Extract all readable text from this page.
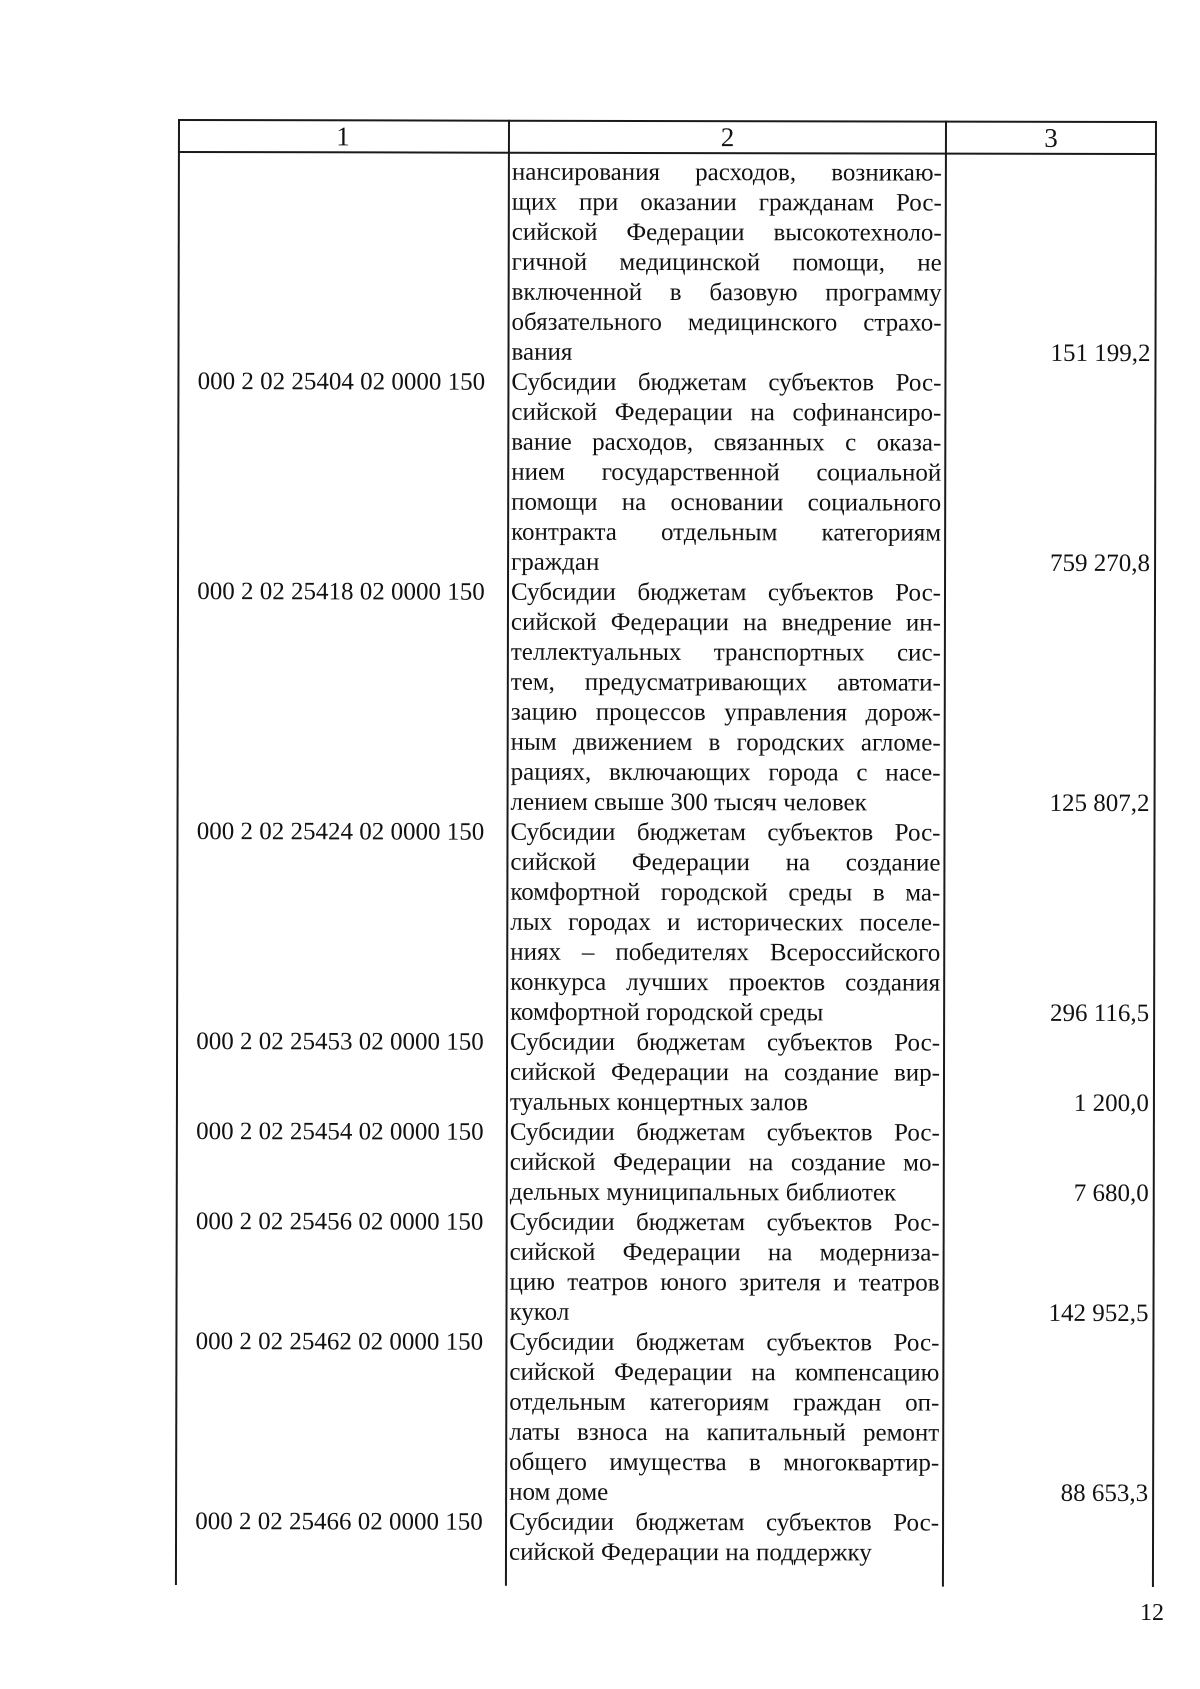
1	2	3
нансирования расходов, возникаю-
щих при оказании гражданам Рос-
сийской Федерации высокотехноло-
гичной медицинской помощи, не
включенной в базовую программу
обязательного медицинского страхо-
вания	151 199,2
000 2 02 25404 02 0000 150	Субсидии бюджетам субъектов Рос-
сийской Федерации на софинансиро-
вание расходов, связанных с оказа-
нием государственной социальной
помощи на основании социального
контракта отдельным категориям
граждан	759 270,8
000 2 02 25418 02 0000 150	Субсидии бюджетам субъектов Рос-
сийской Федерации на внедрение ин-
теллектуальных транспортных сис-
тем, предусматривающих автомати-
зацию процессов управления дорож-
ным движением в городских агломе-
рациях, включающих города с насе-
лением свыше 300 тысяч человек	125 807,2
000 2 02 25424 02 0000 150	Субсидии бюджетам субъектов Рос-
сийской Федерации на создание
комфортной городской среды в ма-
лых городах и исторических поселе-
ниях – победителях Всероссийского
конкурса лучших проектов создания
комфортной городской среды	296 116,5
000 2 02 25453 02 0000 150	Субсидии бюджетам субъектов Рос-
сийской Федерации на создание вир-
туальных концертных залов	1 200,0
000 2 02 25454 02 0000 150	Субсидии бюджетам субъектов Рос-
сийской Федерации на создание мо-
дельных муниципальных библиотек	7 680,0
000 2 02 25456 02 0000 150	Субсидии бюджетам субъектов Рос-
сийской Федерации на модерниза-
цию театров юного зрителя и театров
кукол	142 952,5
000 2 02 25462 02 0000 150	Субсидии бюджетам субъектов Рос-
сийской Федерации на компенсацию
отдельным категориям граждан оп-
латы взноса на капитальный ремонт
общего имущества в многоквартир-
ном доме	88 653,3
000 2 02 25466 02 0000 150	Субсидии бюджетам субъектов Рос-
сийской Федерации на поддержку
12
